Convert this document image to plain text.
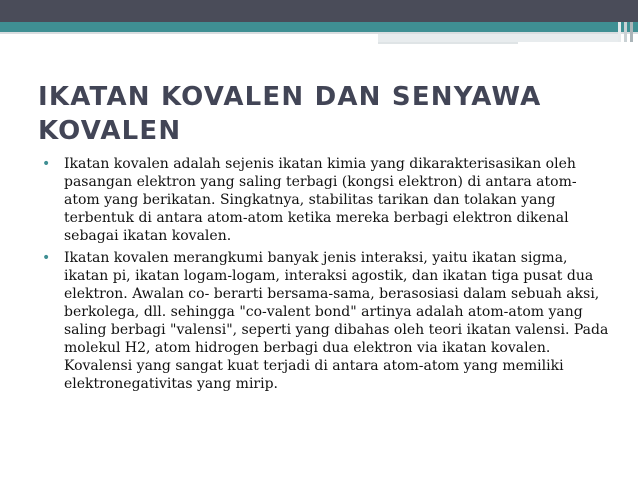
IKATAN KOVALEN DAN SENYAWA KOVALEN
• Ikatan kovalen adalah sejenis ikatan kimia yang dikarakterisasikan oleh pasangan elektron yang saling terbagi (kongsi elektron) di antara atom-atom yang berikatan. Singkatnya, stabilitas tarikan dan tolakan yang terbentuk di antara atom-atom ketika mereka berbagi elektron dikenal sebagai ikatan kovalen.
• Ikatan kovalen merangkumi banyak jenis interaksi, yaitu ikatan sigma, ikatan pi, ikatan logam-logam, interaksi agostik, dan ikatan tiga pusat dua elektron. Awalan co- berarti bersama-sama, berasosiasi dalam sebuah aksi, berkolega, dll. sehingga "co-valent bond" artinya adalah atom-atom yang saling berbagi "valensi", seperti yang dibahas oleh teori ikatan valensi. Pada molekul H2, atom hidrogen berbagi dua elektron via ikatan kovalen. Kovalensi yang sangat kuat terjadi di antara atom-atom yang memiliki elektronegativitas yang mirip.
